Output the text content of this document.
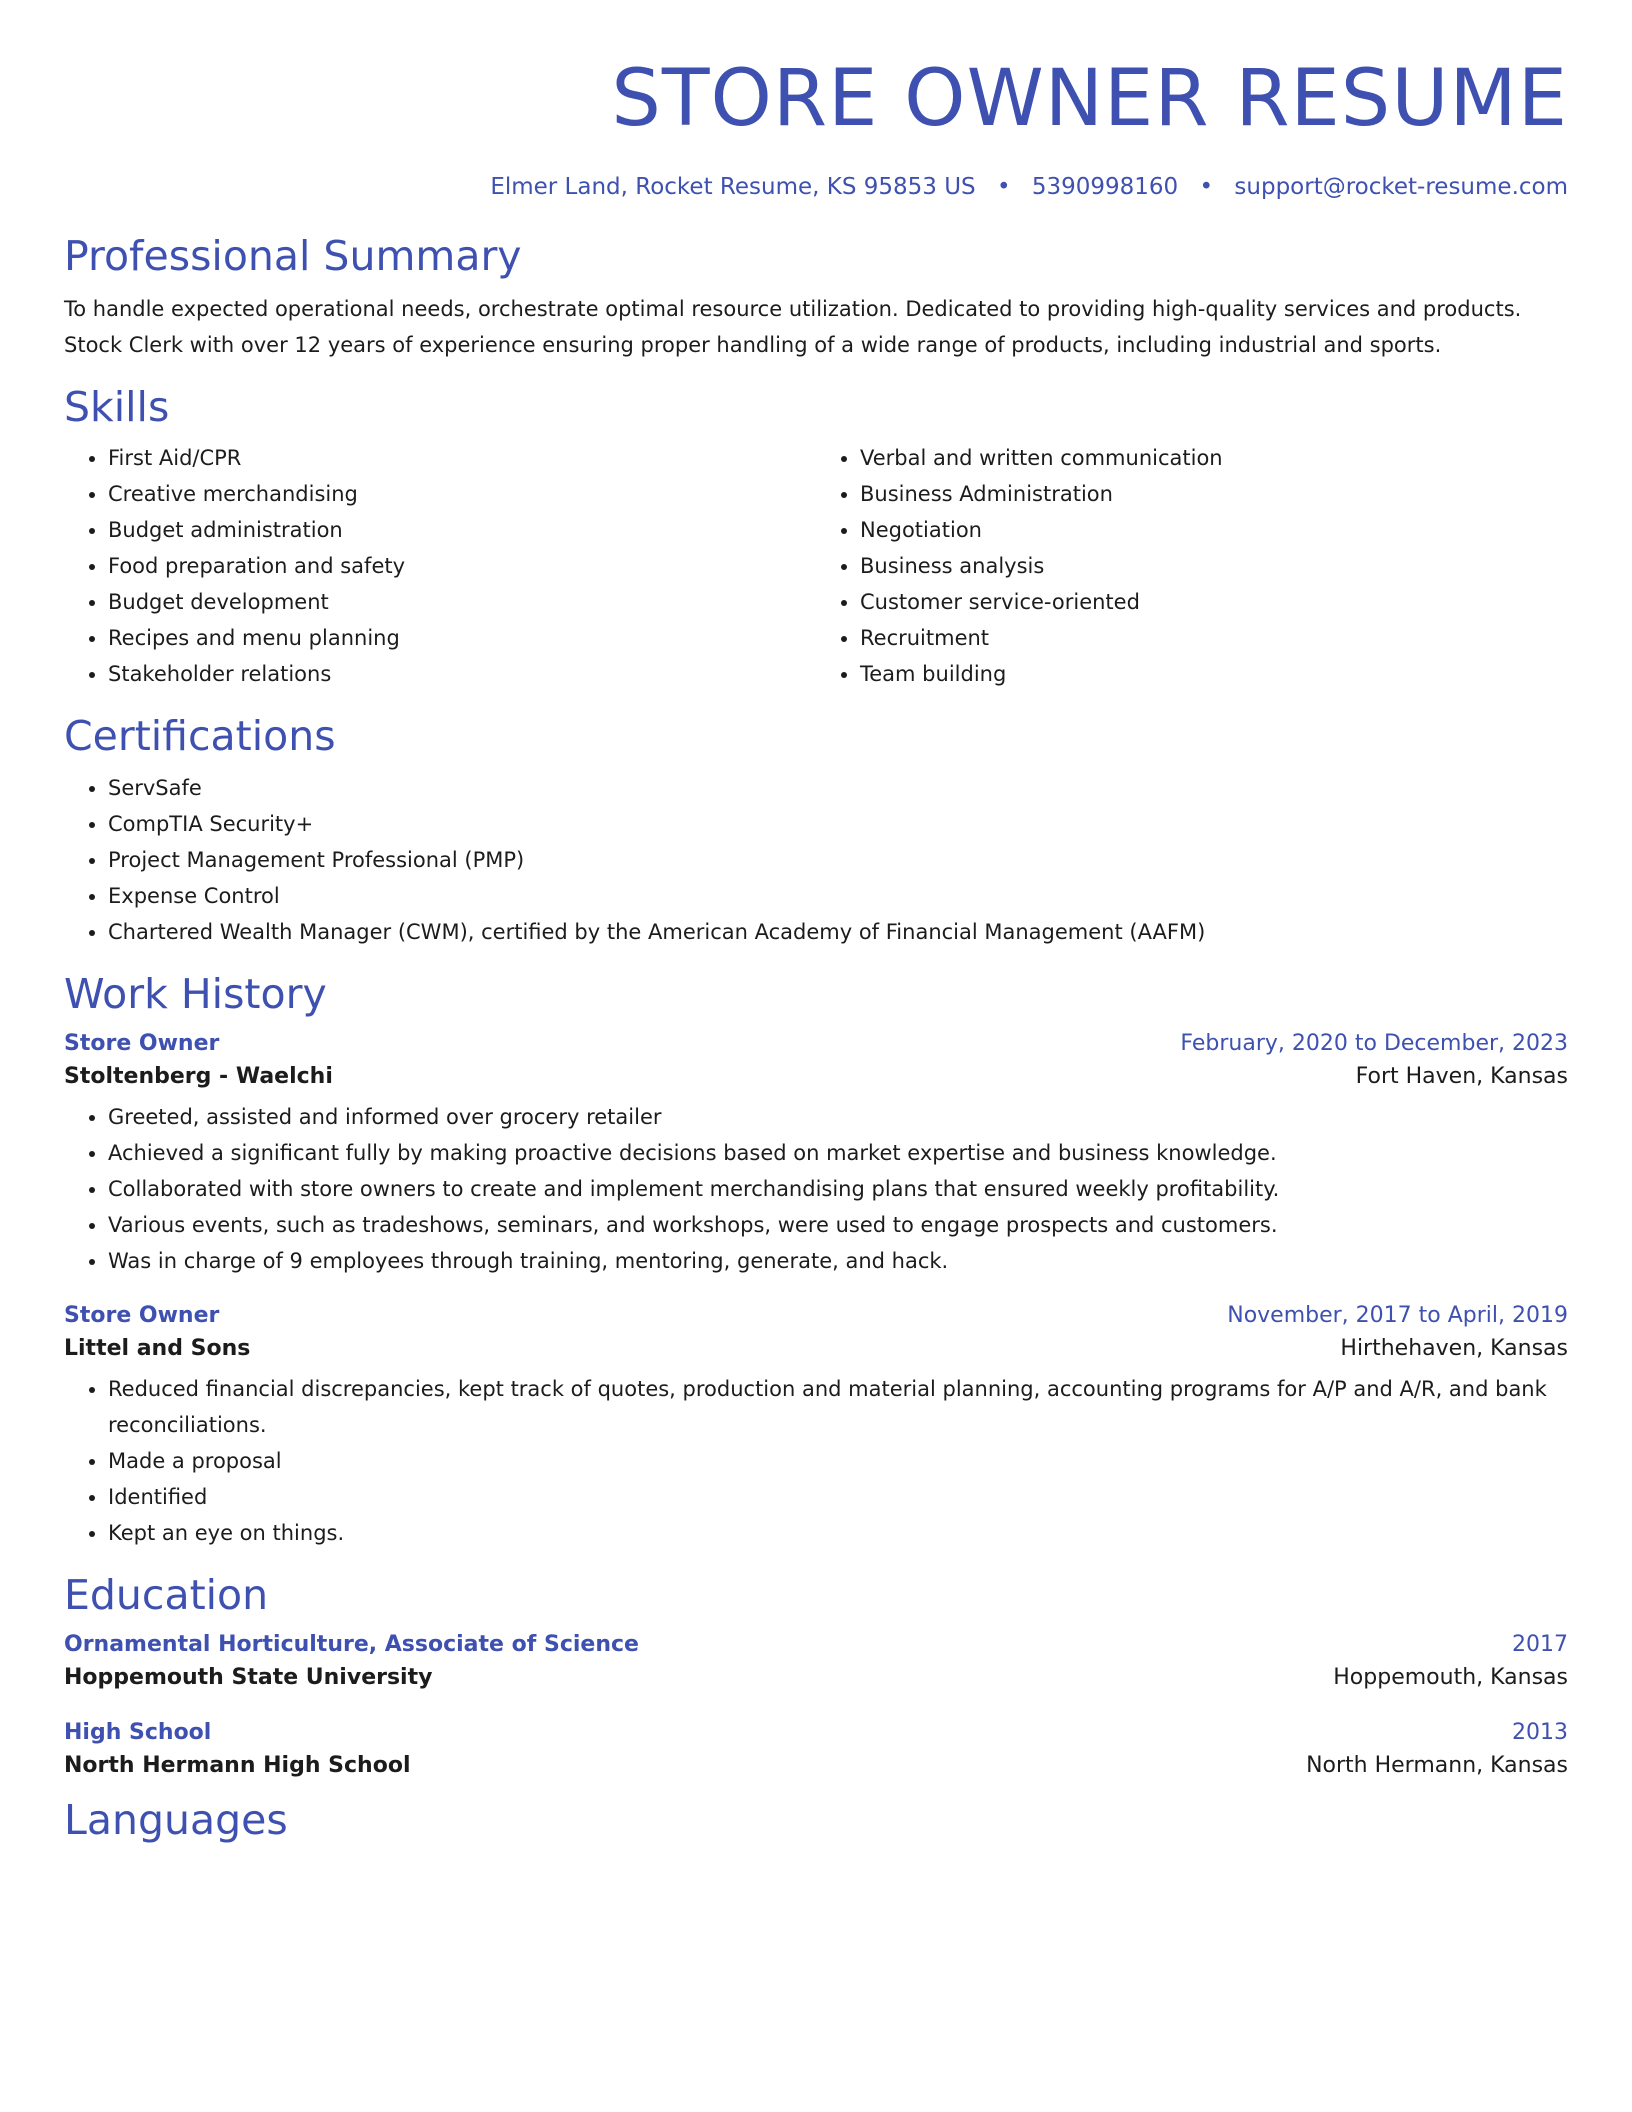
STORE OWNER RESUME
Elmer Land, Rocket Resume, KS 95853 US • 5390998160 • support@rocket-resume.com
Professional Summary
To handle expected operational needs, orchestrate optimal resource utilization. Dedicated to providing high-quality services and products.
Stock Clerk with over 12 years of experience ensuring proper handling of a wide range of products, including industrial and sports.
Skills
• First Aid/CPR
• Creative merchandising
• Budget administration
• Food preparation and safety
• Budget development
• Recipes and menu planning
• Stakeholder relations
• Verbal and written communication
• Business Administration
• Negotiation
• Business analysis
• Customer service-oriented
• Recruitment
• Team building
Certifications
• ServSafe
• CompTIA Security+
• Project Management Professional (PMP)
• Expense Control
• Chartered Wealth Manager (CWM), certified by the American Academy of Financial Management (AAFM)
Work History
Store Owner	February, 2020 to December, 2023
Stoltenberg - Waelchi	Fort Haven, Kansas
• Greeted, assisted and informed over grocery retailer
• Achieved a significant fully by making proactive decisions based on market expertise and business knowledge.
• Collaborated with store owners to create and implement merchandising plans that ensured weekly profitability.
• Various events, such as tradeshows, seminars, and workshops, were used to engage prospects and customers.
• Was in charge of 9 employees through training, mentoring, generate, and hack.
Store Owner	November, 2017 to April, 2019
Littel and Sons	Hirthehaven, Kansas
• Reduced financial discrepancies, kept track of quotes, production and material planning, accounting programs for A/P and A/R, and bank reconciliations.
• Made a proposal
• Identified
• Kept an eye on things.
Education
Ornamental Horticulture, Associate of Science	2017
Hoppemouth State University	Hoppemouth, Kansas
High School	2013
North Hermann High School	North Hermann, Kansas
Languages
